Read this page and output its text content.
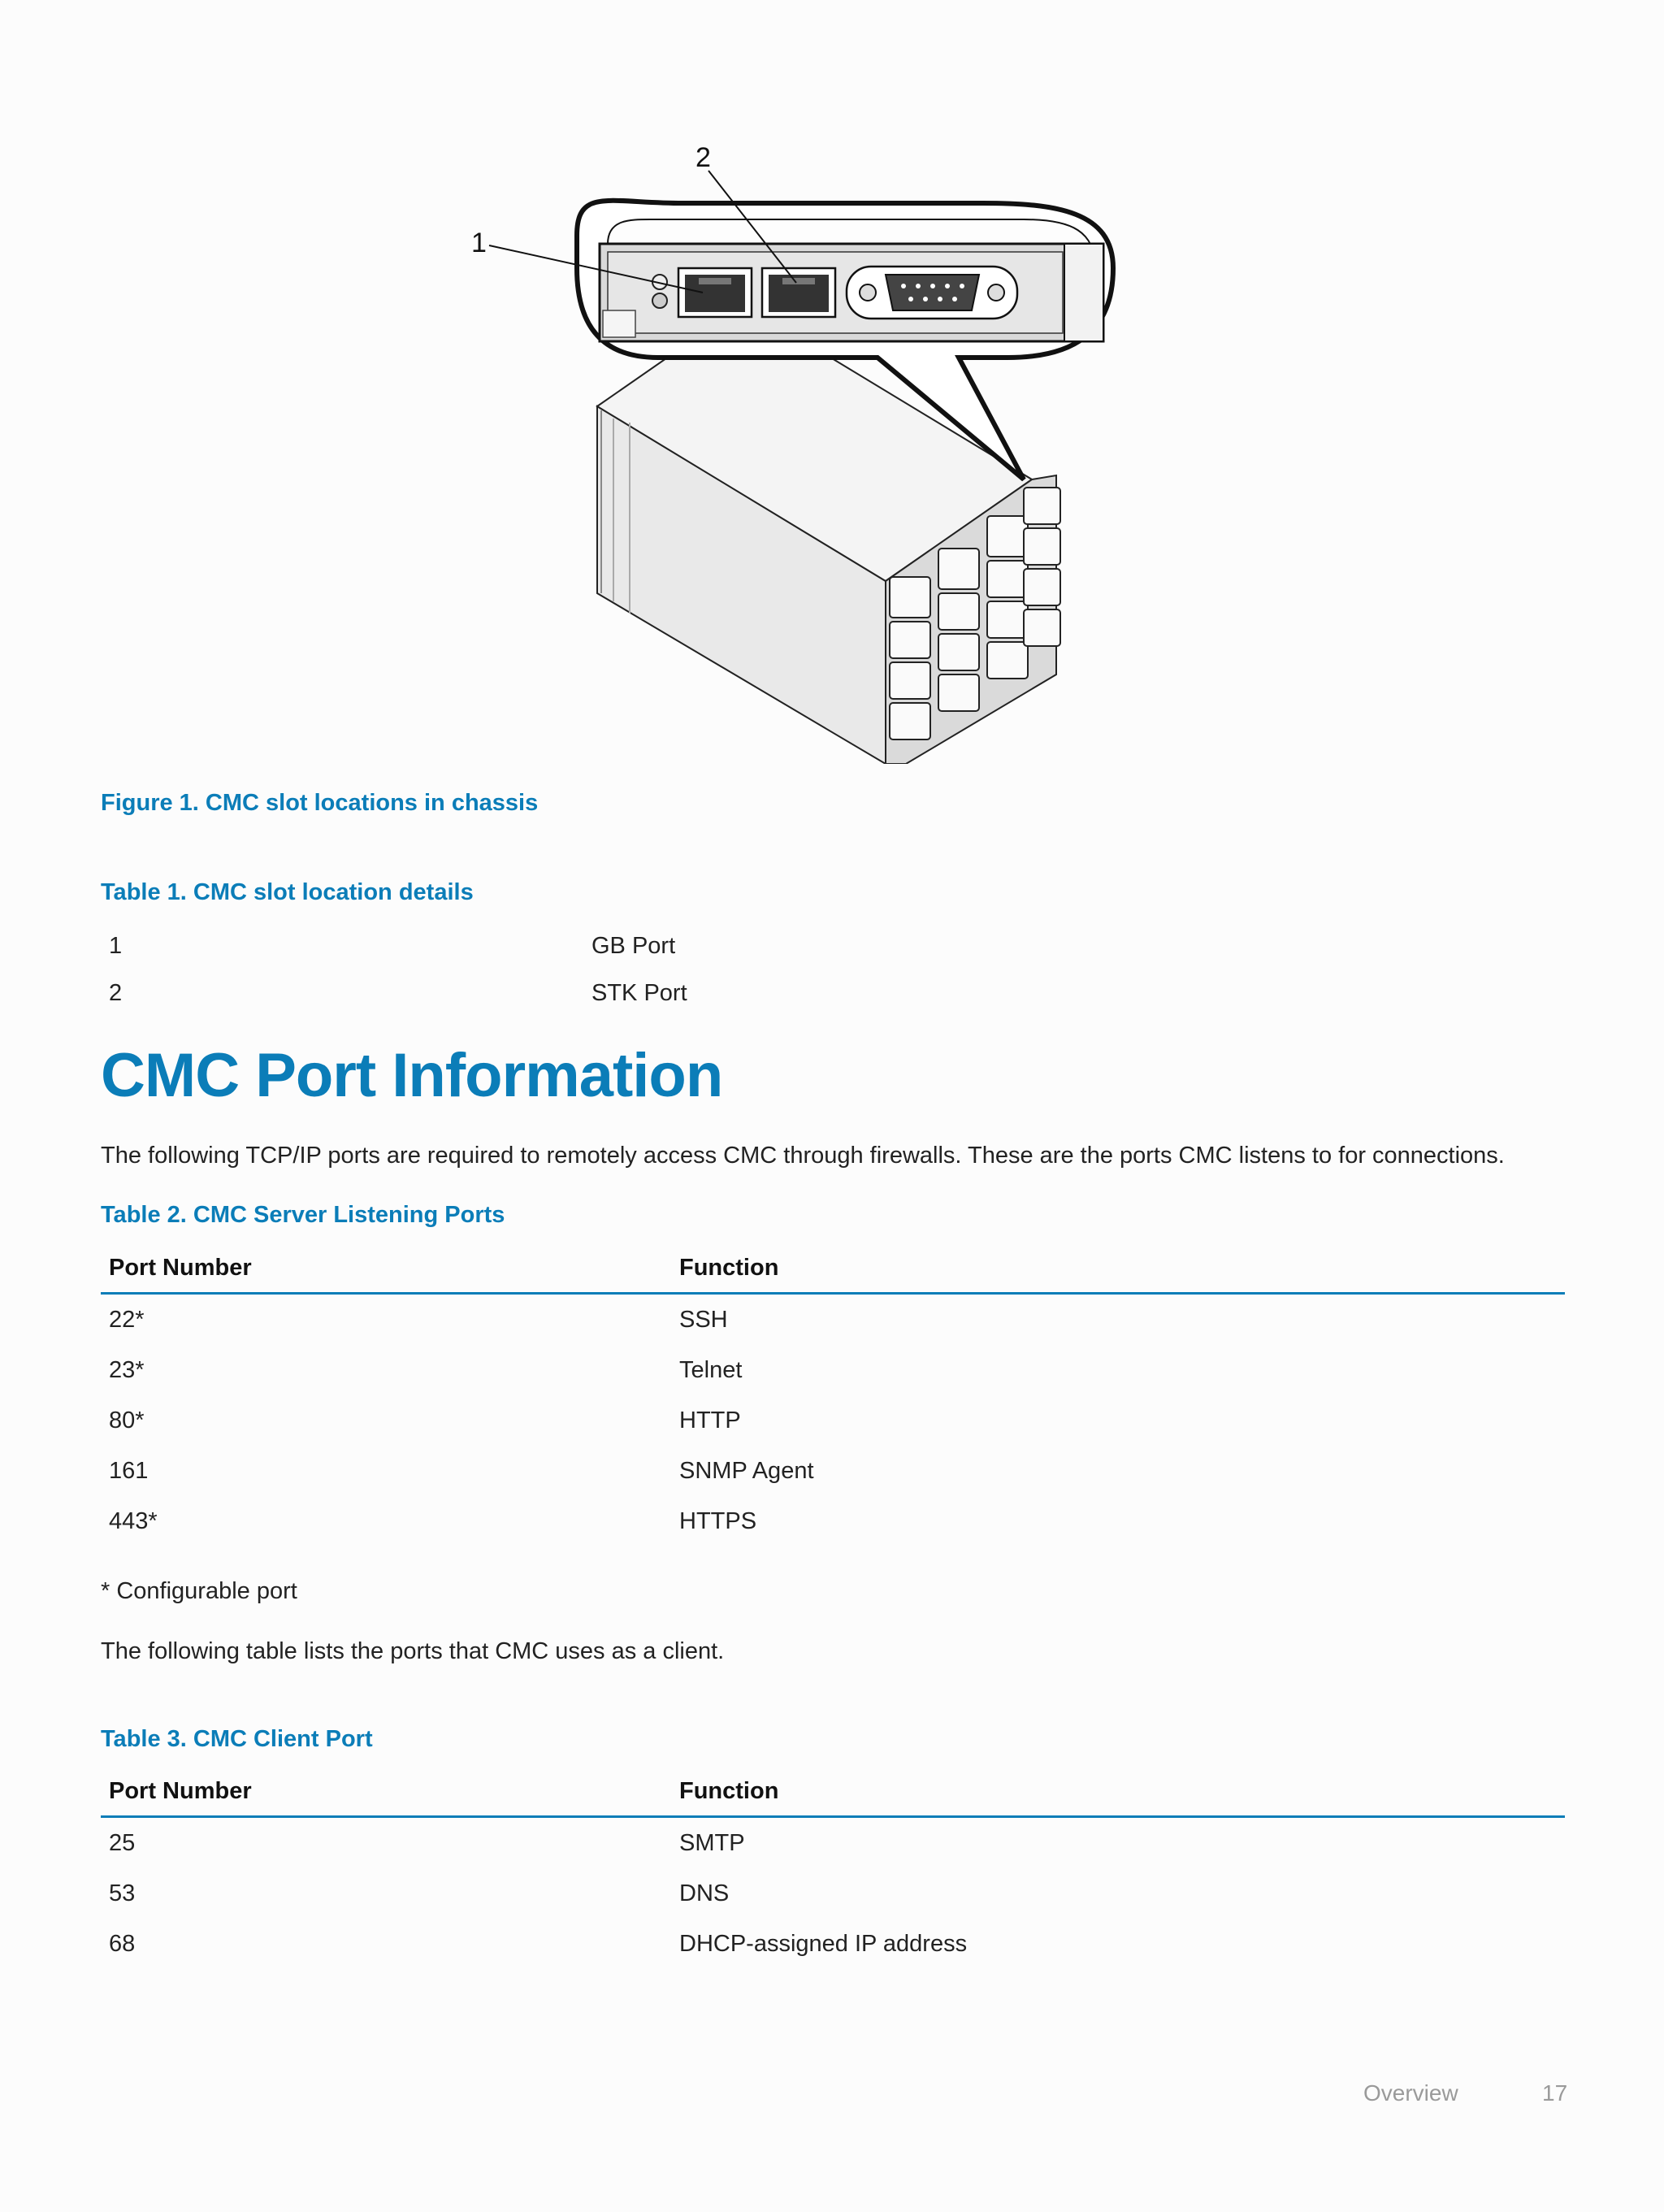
1
2
Figure 1. CMC slot locations in chassis
Table 1. CMC slot location details
1	GB Port
2	STK Port
CMC Port Information
The following TCP/IP ports are required to remotely access CMC through firewalls. These are the ports CMC listens to for connections.
Table 2. CMC Server Listening Ports
Port Number	Function
22*	SSH
23*	Telnet
80*	HTTP
161	SNMP Agent
443*	HTTPS
* Configurable port
The following table lists the ports that CMC uses as a client.
Table 3. CMC Client Port
Port Number	Function
25	SMTP
53	DNS
68	DHCP-assigned IP address
Overview	17
